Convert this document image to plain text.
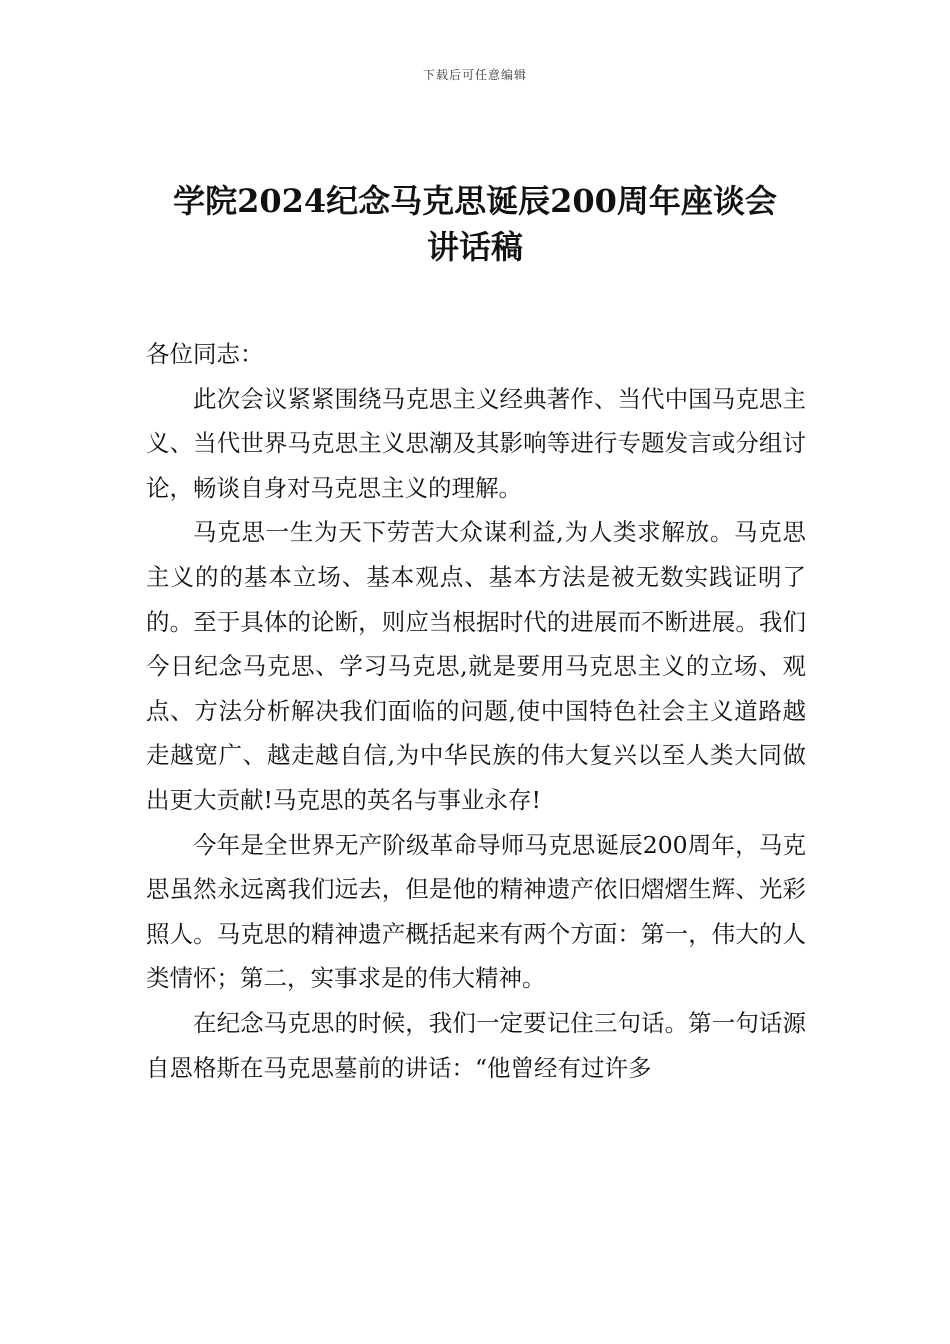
下载后可任意编辑
学院2024纪念马克思诞辰200周年座谈会
讲话稿

各位同志：

此次会议紧紧围绕马克思主义经典著作、当代中国马克思主义、当代世界马克思主义思潮及其影响等进行专题发言或分组讨论，畅谈自身对马克思主义的理解。

马克思一生为天下劳苦大众谋利益,为人类求解放。马克思主义的的基本立场、基本观点、基本方法是被无数实践证明了的。至于具体的论断，则应当根据时代的进展而不断进展。我们今日纪念马克思、学习马克思,就是要用马克思主义的立场、观点、方法分析解决我们面临的问题,使中国特色社会主义道路越走越宽广、越走越自信,为中华民族的伟大复兴以至人类大同做出更大贡献!马克思的英名与事业永存!

今年是全世界无产阶级革命导师马克思诞辰200周年，马克思虽然永远离我们远去，但是他的精神遗产依旧熠熠生辉、光彩照人。马克思的精神遗产概括起来有两个方面：第一，伟大的人类情怀；第二，实事求是的伟大精神。

在纪念马克思的时候，我们一定要记住三句话。第一句话源自恩格斯在马克思墓前的讲话：“他曾经有过许多
